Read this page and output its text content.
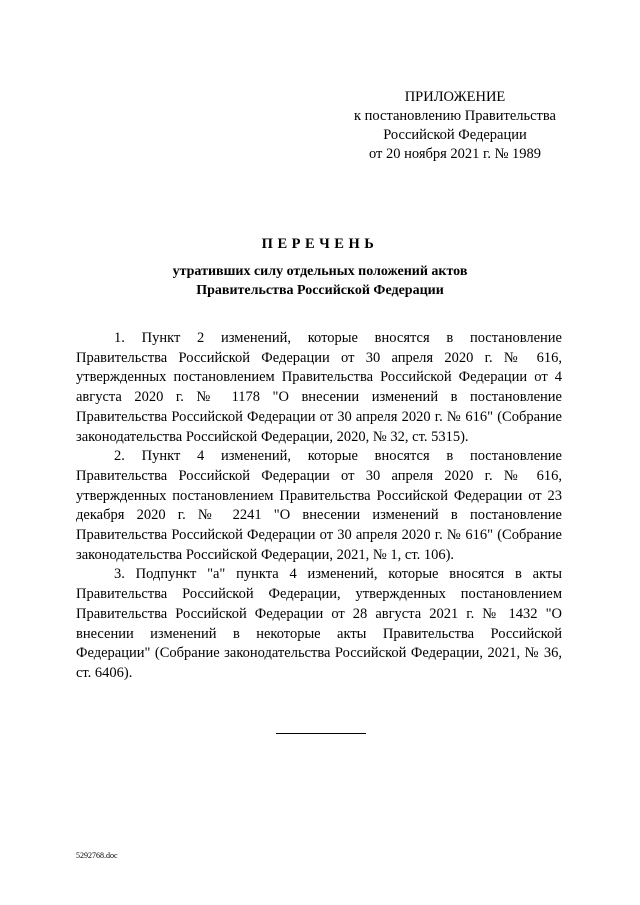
ПРИЛОЖЕНИЕ
к постановлению Правительства
Российской Федерации
от 20 ноября 2021 г. № 1989
ПЕРЕЧЕНЬ
утративших силу отдельных положений актов
Правительства Российской Федерации

1. Пункт 2 изменений, которые вносятся в постановление Правительства Российской Федерации от 30 апреля 2020 г. № 616, утвержденных постановлением Правительства Российской Федерации от 4 августа 2020 г. № 1178 "О внесении изменений в постановление Правительства Российской Федерации от 30 апреля 2020 г. № 616" (Собрание законодательства Российской Федерации, 2020, № 32, ст. 5315).

2. Пункт 4 изменений, которые вносятся в постановление Правительства Российской Федерации от 30 апреля 2020 г. № 616, утвержденных постановлением Правительства Российской Федерации от 23 декабря 2020 г. № 2241 "О внесении изменений в постановление Правительства Российской Федерации от 30 апреля 2020 г. № 616" (Собрание законодательства Российской Федерации, 2021, № 1, ст. 106).

3. Подпункт "а" пункта 4 изменений, которые вносятся в акты Правительства Российской Федерации, утвержденных постановлением Правительства Российской Федерации от 28 августа 2021 г. № 1432 "О внесении изменений в некоторые акты Правительства Российской Федерации" (Собрание законодательства Российской Федерации, 2021, № 36, ст. 6406).

5292768.doc
